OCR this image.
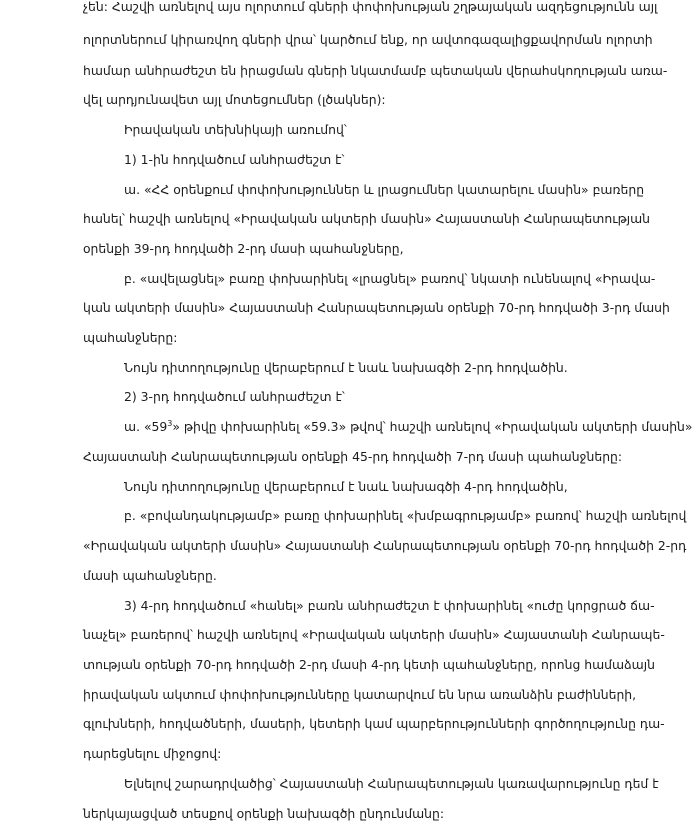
չեն: Հաշվի առնելով այս ոլորտում գների փոփոխության շղթայական ազդեցությունն այլ
ոլորտներում կիրառվող գների վրա՝ կարծում ենք, որ ավտոգազալիցքավորման ոլորտի
համար անհրաժեշտ են իրացման գների նկատմամբ պետական վերահսկողության առա-
վել արդյունավետ այլ մոտեցումներ (լծակներ):
Իրավական տեխնիկայի առումով՝
1) 1-ին հոդվածում անհրաժեշտ է՝
ա. «ՀՀ օրենքում փոփոխություններ և լրացումներ կատարելու մասին» բառերը
հանել՝ հաշվի առնելով «Իրավական ակտերի մասին» Հայաստանի Հանրապետության
օրենքի 39-րդ հոդվածի 2-րդ մասի պահանջները,
բ. «ավելացնել» բառը փոխարինել «լրացնել» բառով՝ նկատի ունենալով «Իրավա-
կան ակտերի մասին» Հայաստանի Հանրապետության օրենքի 70-րդ հոդվածի 3-րդ մասի
պահանջները:
Նույն դիտողությունը վերաբերում է նաև նախագծի 2-րդ հոդվածին.
2) 3-րդ հոդվածում անհրաժեշտ է՝
ա. «$59^3$» թիվը փոխարինել «59.3» թվով՝ հաշվի առնելով «Իրավական ակտերի մասին»
Հայաստանի Հանրապետության օրենքի 45-րդ հոդվածի 7-րդ մասի պահանջները:
Նույն դիտողությունը վերաբերում է նաև նախագծի 4-րդ հոդվածին,
բ. «բովանդակությամբ» բառը փոխարինել «խմբագրությամբ» բառով՝ հաշվի առնելով
«Իրավական ակտերի մասին» Հայաստանի Հանրապետության օրենքի 70-րդ հոդվածի 2-րդ
մասի պահանջները.
3) 4-րդ հոդվածում «հանել» բառն անհրաժեշտ է փոխարինել «ուժը կորցրած ճա-
նաչել» բառերով՝ հաշվի առնելով «Իրավական ակտերի մասին» Հայաստանի Հանրապե-
տության օրենքի 70-րդ հոդվածի 2-րդ մասի 4-րդ կետի պահանջները, որոնց համաձայն
իրավական ակտում փոփոխությունները կատարվում են նրա առանձին բաժինների,
գլուխների, հոդվածների, մասերի, կետերի կամ պարբերությունների գործողությունը դա-
դարեցնելու միջոցով:
Ելնելով շարադրվածից՝ Հայաստանի Հանրապետության կառավարությունը դեմ է
ներկայացված տեսքով օրենքի նախագծի ընդունմանը:
